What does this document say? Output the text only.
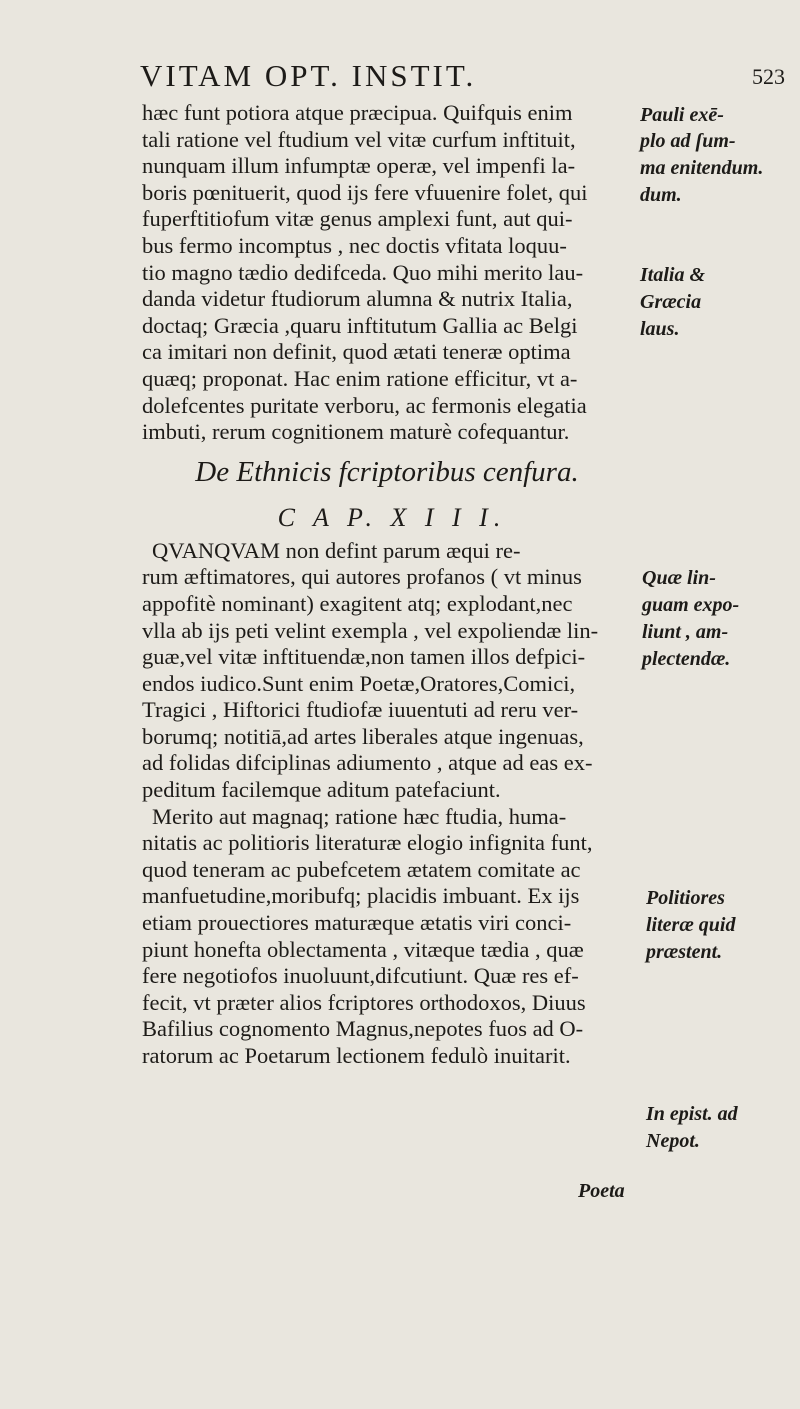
VITAM OPT. INSTIT.	523
hæc funt potiora atque præcipua. Quifquis enim
tali ratione vel ftudium vel vitæ curfum inftituit,
nunquam illum infumptæ operæ, vel impenfi la-
boris pœnituerit, quod ijs fere vfuuenire folet, qui
fuperftitiofum vitæ genus amplexi funt, aut qui-
bus fermo incomptus , nec doctis vfitata loquu-
tio magno tædio dedifceda. Quo mihi merito lau-
danda videtur ftudiorum alumna & nutrix Italia,
doctaq; Græcia ,quaru inftitutum Gallia ac Belgi
ca imitari non definit, quod ætati teneræ optima
quæq; proponat. Hac enim ratione efficitur, vt a-
dolefcentes puritate verboru, ac fermonis elegatia
imbuti, rerum cognitionem maturè cofequantur.
De Ethnicis fcriptoribus cenfura.
C A P. X I I I.
QVANQVAM non defint parum æqui re-
rum æftimatores, qui autores profanos ( vt minus
appofitè nominant) exagitent atq; explodant,nec
vlla ab ijs peti velint exempla , vel expoliendæ lin-
guæ,vel vitæ inftituendæ,non tamen illos defpici-
endos iudico.Sunt enim Poetæ,Oratores,Comici,
Tragici , Hiftorici ftudiofæ iuuentuti ad reru ver-
borumq; notitiā,ad artes liberales atque ingenuas,
ad folidas difciplinas adiumento , atque ad eas ex-
peditum facilemque aditum patefaciunt.
Merito aut magnaq; ratione hæc ftudia, huma-
nitatis ac politioris literaturæ elogio infignita funt,
quod teneram ac pubefcetem ætatem comitate ac
manfuetudine,moribufq; placidis imbuant. Ex ijs
etiam prouectiores maturæque ætatis viri conci-
piunt honefta oblectamenta , vitæque tædia , quæ
fere negotiofos inuoluunt,difcutiunt. Quæ res ef-
fecit, vt præter alios fcriptores orthodoxos, Diuus
Bafilius cognomento Magnus,nepotes fuos ad O-
ratorum ac Poetarum lectionem fedulò inuitarit.
Pauli exē-
plo ad ſum-
ma enitendum.
dum.
Italia &
Græcia
laus.
Quæ lin-
guam expo-
liunt , am-
plectendæ.
Politiores
literæ quid
præstent.
In epist. ad
Nepot.
Poeta
